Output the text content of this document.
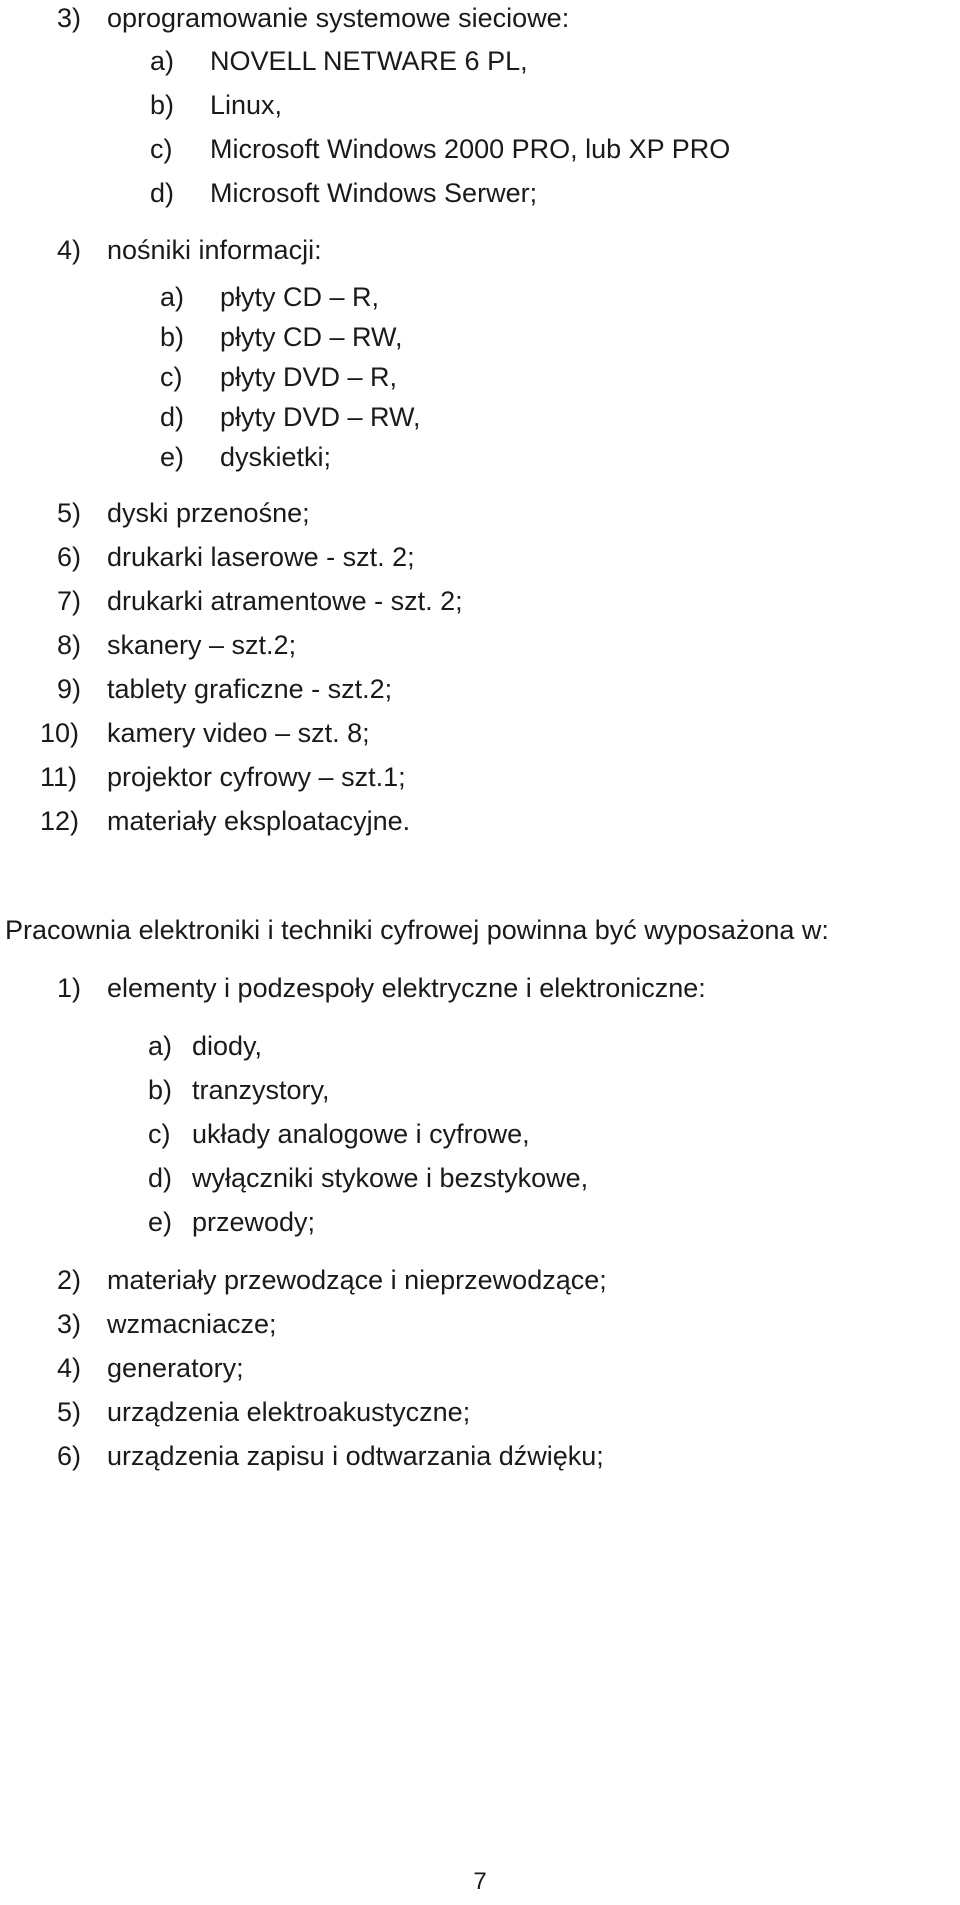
3) oprogramowanie systemowe sieciowe:
a) NOVELL NETWARE 6 PL,
b) Linux,
c) Microsoft Windows 2000 PRO, lub XP PRO
d) Microsoft Windows Serwer;
4) nośniki informacji:
a) płyty CD – R,
b) płyty CD – RW,
c) płyty DVD – R,
d) płyty DVD – RW,
e) dyskietki;
5) dyski przenośne;
6) drukarki laserowe - szt. 2;
7) drukarki atramentowe - szt. 2;
8) skanery – szt.2;
9) tablety graficzne - szt.2;
10) kamery video – szt. 8;
11) projektor cyfrowy – szt.1;
12) materiały eksploatacyjne.
Pracownia elektroniki i techniki cyfrowej powinna być wyposażona w:
1) elementy i podzespoły elektryczne i elektroniczne:
a) diody,
b) tranzystory,
c) układy analogowe i cyfrowe,
d) wyłączniki stykowe i bezstykowe,
e) przewody;
2) materiały przewodzące i nieprzewodzące;
3) wzmacniacze;
4) generatory;
5) urządzenia elektroakustyczne;
6) urządzenia zapisu i odtwarzania dźwięku;
7
